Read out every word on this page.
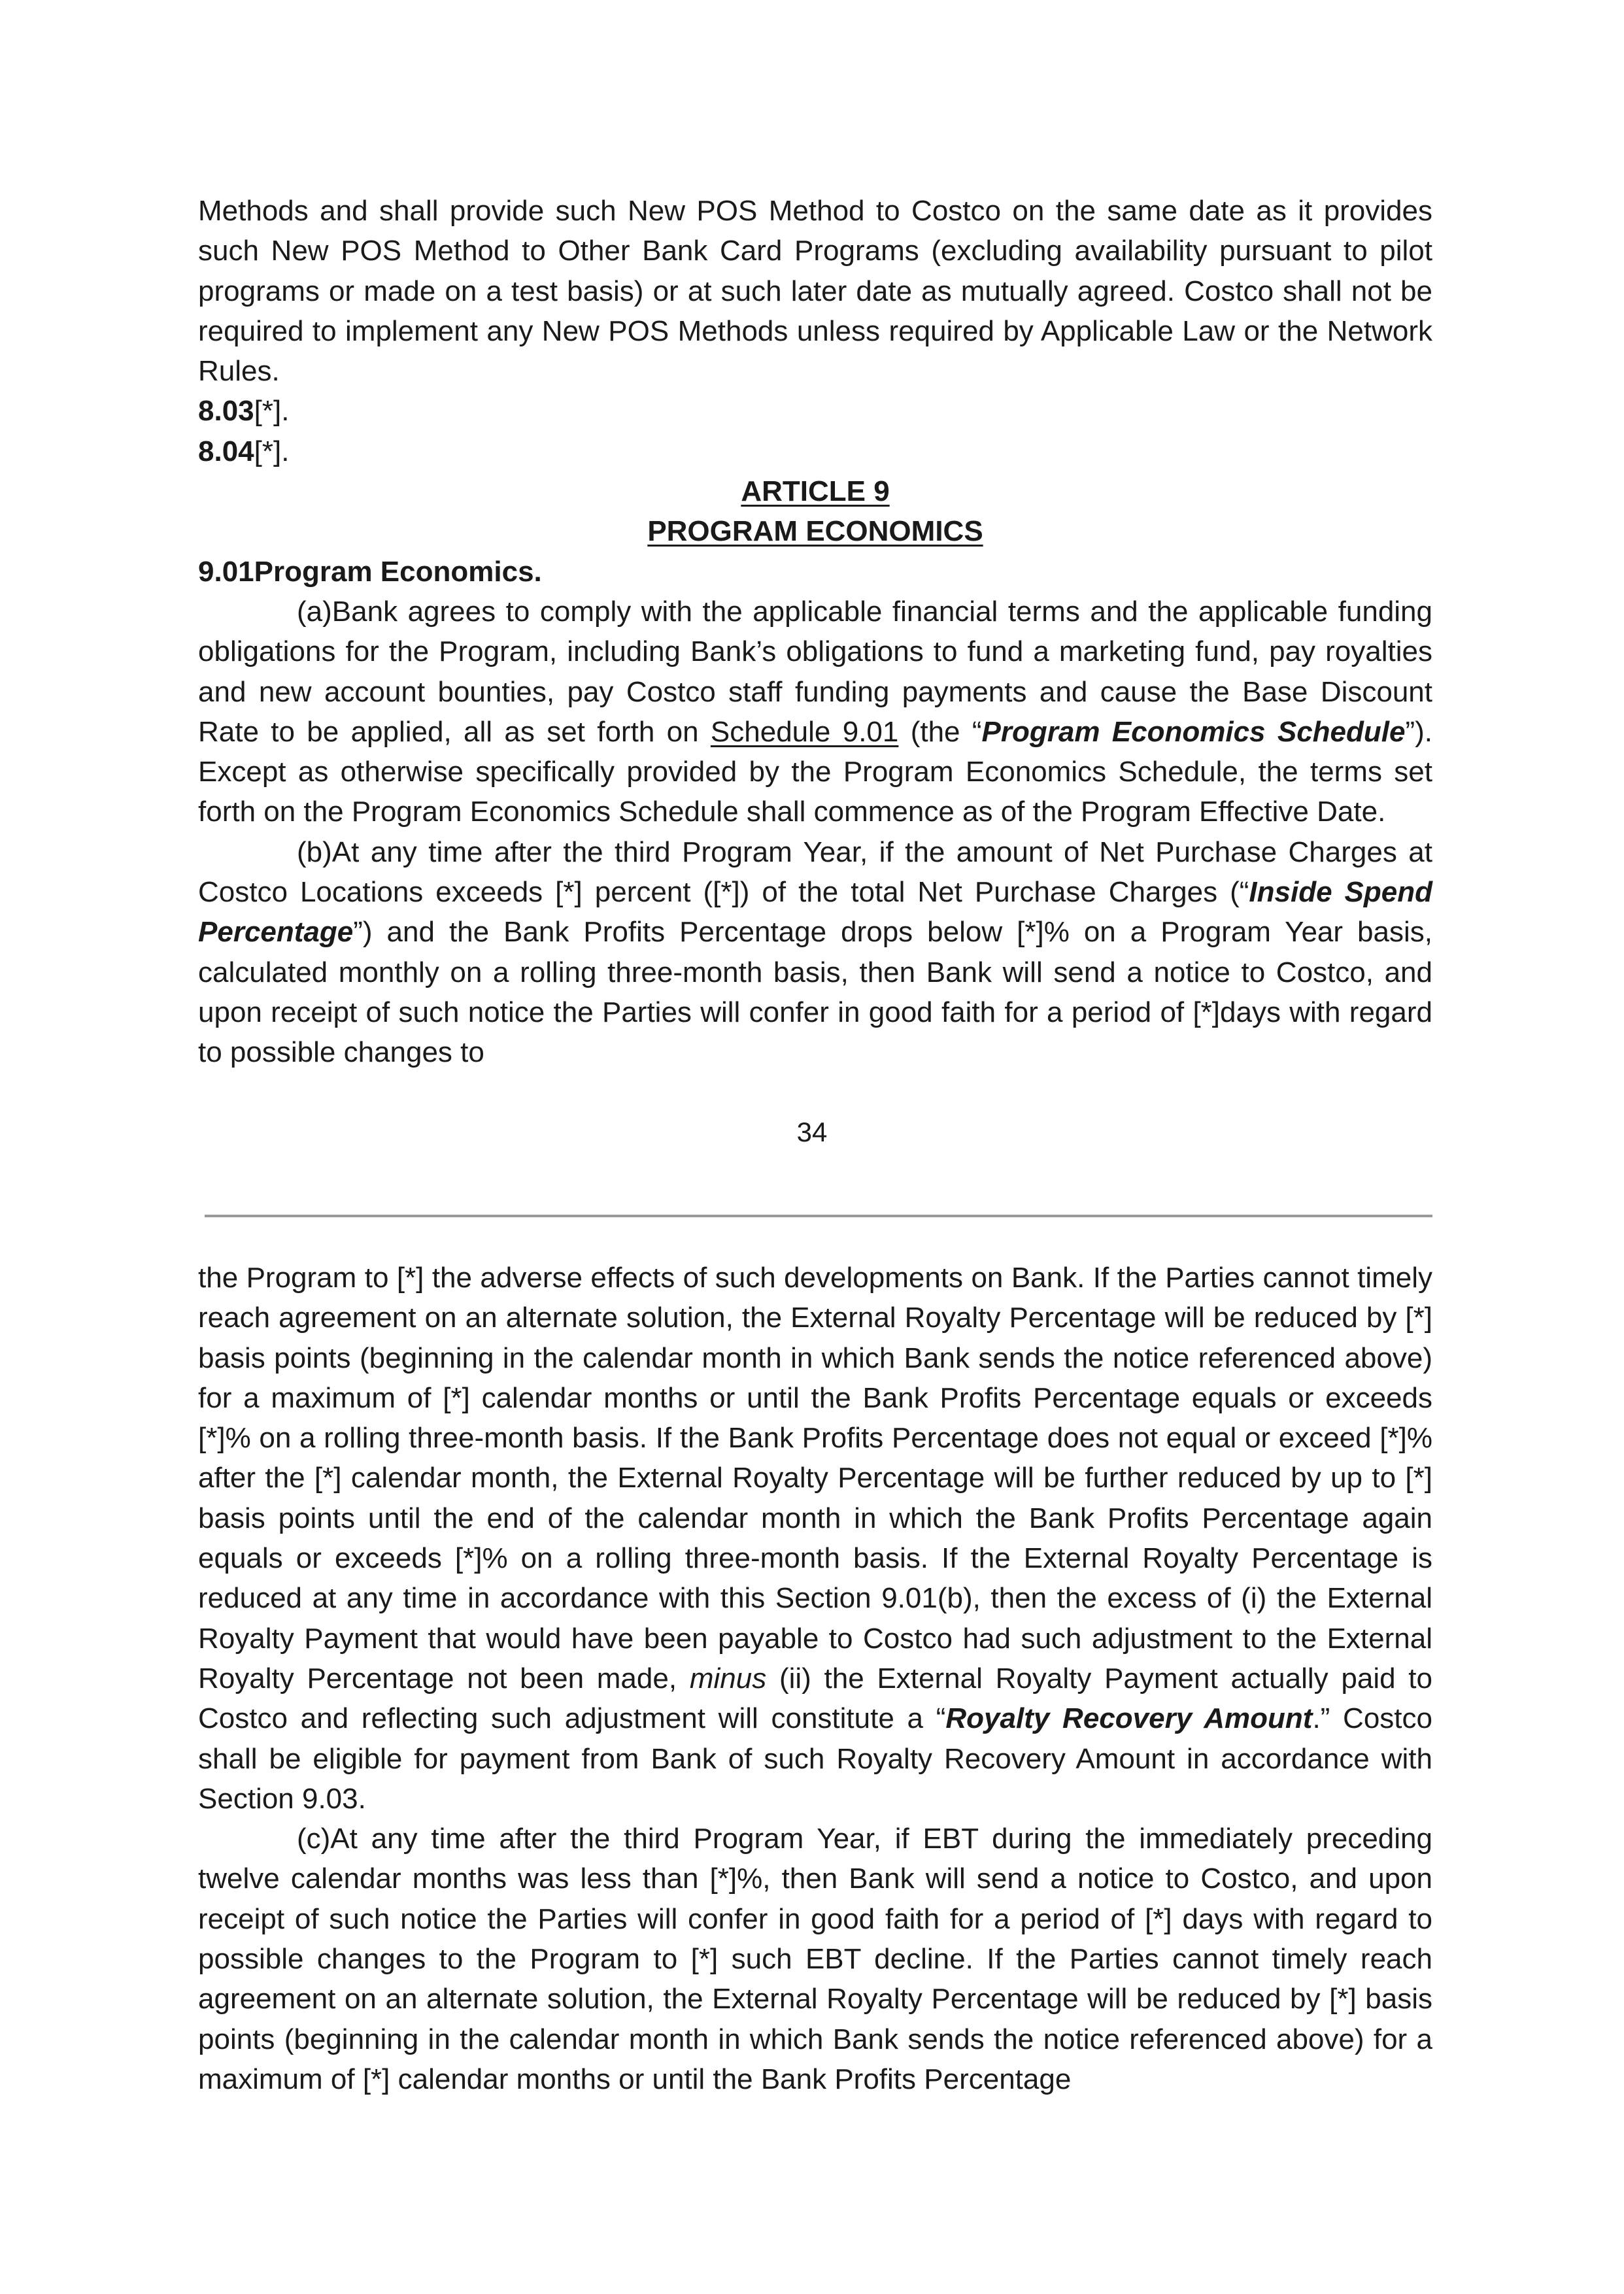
Methods and shall provide such New POS Method to Costco on the same date as it provides such New POS Method to Other Bank Card Programs (excluding availability pursuant to pilot programs or made on a test basis) or at such later date as mutually agreed. Costco shall not be required to implement any New POS Methods unless required by Applicable Law or the Network Rules.

8.03[*].

8.04[*].

ARTICLE 9

PROGRAM ECONOMICS

9.01Program Economics.

(a)Bank agrees to comply with the applicable financial terms and the applicable funding obligations for the Program, including Bank’s obligations to fund a marketing fund, pay royalties and new account bounties, pay Costco staff funding payments and cause the Base Discount Rate to be applied, all as set forth on Schedule 9.01 (the “Program Economics Schedule”). Except as otherwise specifically provided by the Program Economics Schedule, the terms set forth on the Program Economics Schedule shall commence as of the Program Effective Date.

(b)At any time after the third Program Year, if the amount of Net Purchase Charges at Costco Locations exceeds [*] percent ([*]) of the total Net Purchase Charges (“Inside Spend Percentage”) and the Bank Profits Percentage drops below [*]% on a Program Year basis, calculated monthly on a rolling three-month basis, then Bank will send a notice to Costco, and upon receipt of such notice the Parties will confer in good faith for a period of [*]days with regard to possible changes to

34

the Program to [*] the adverse effects of such developments on Bank. If the Parties cannot timely reach agreement on an alternate solution, the External Royalty Percentage will be reduced by [*] basis points (beginning in the calendar month in which Bank sends the notice referenced above) for a maximum of [*] calendar months or until the Bank Profits Percentage equals or exceeds [*]% on a rolling three-month basis. If the Bank Profits Percentage does not equal or exceed [*]% after the [*] calendar month, the External Royalty Percentage will be further reduced by up to [*] basis points until the end of the calendar month in which the Bank Profits Percentage again equals or exceeds [*]% on a rolling three-month basis. If the External Royalty Percentage is reduced at any time in accordance with this Section 9.01(b), then the excess of (i) the External Royalty Payment that would have been payable to Costco had such adjustment to the External Royalty Percentage not been made, minus (ii) the External Royalty Payment actually paid to Costco and reflecting such adjustment will constitute a “Royalty Recovery Amount.” Costco shall be eligible for payment from Bank of such Royalty Recovery Amount in accordance with Section 9.03.

(c)At any time after the third Program Year, if EBT during the immediately preceding twelve calendar months was less than [*]%, then Bank will send a notice to Costco, and upon receipt of such notice the Parties will confer in good faith for a period of [*] days with regard to possible changes to the Program to [*] such EBT decline. If the Parties cannot timely reach agreement on an alternate solution, the External Royalty Percentage will be reduced by [*] basis points (beginning in the calendar month in which Bank sends the notice referenced above) for a maximum of [*] calendar months or until the Bank Profits Percentage
